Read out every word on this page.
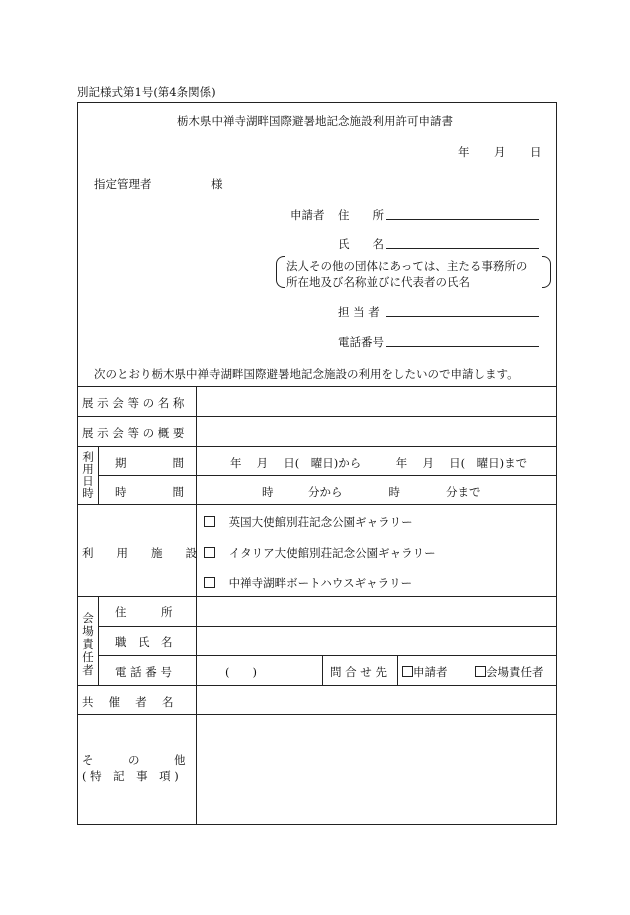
別記様式第1号(第4条関係)
栃木県中禅寺湖畔国際避暑地記念施設利用許可申請書
年 月 日
指定管理者	様
申請者 住　　所
氏　　名
法人その他の団体にあっては、主たる事務所の
所在地及び名称並びに代表者の氏名
担 当 者
電話番号
次のとおり栃木県中禅寺湖畔国際避暑地記念施設の利用をしたいので申請します。
展 示 会 等 の 名 称
展 示 会 等 の 概 要
利用日時
期　　　　間	年　 月　 日(　曜日)から　　　年　 月　 日(　曜日)まで
時　　　　間	時　　　分から　　　　時　　　　分まで
利　　用　　施　　設
英国大使館別荘記念公園ギャラリー
イタリア大使館別荘記念公園ギャラリー
中禅寺湖畔ボートハウスギャラリー
会場責任者
住　　　所
職　氏　名
電 話 番 号	(　　)	問 合 せ 先	申請者	会場責任者
共　 催　 者　 名
そ　　　の　　　他
( 特　記　事　項 )
